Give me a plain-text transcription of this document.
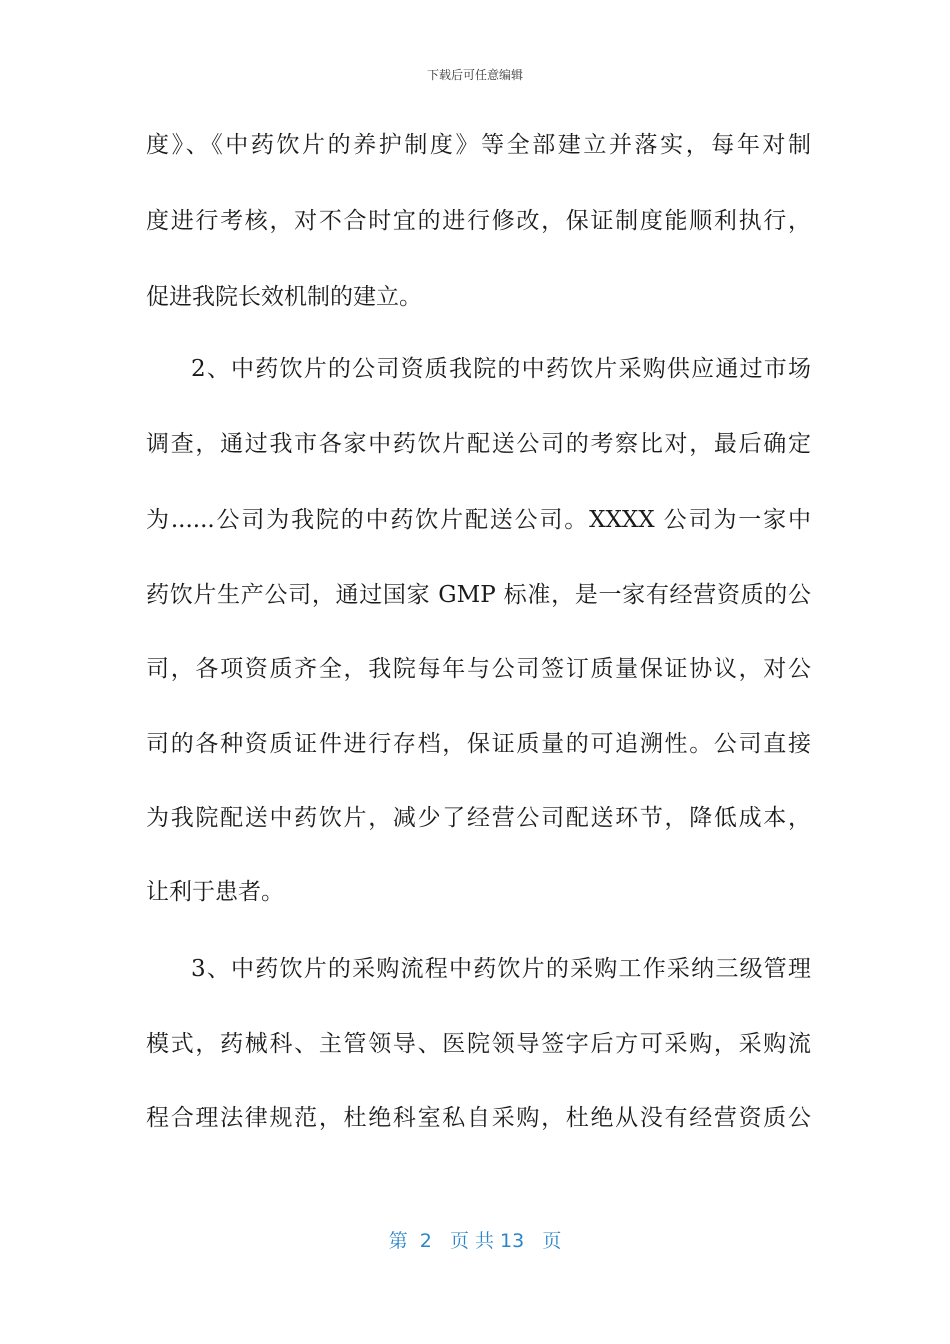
下载后可任意编辑
度》、《中药饮片的养护制度》等全部建立并落实，每年对制
度进行考核，对不合时宜的进行修改，保证制度能顺利执行，
促进我院长效机制的建立。
2、中药饮片的公司资质我院的中药饮片采购供应通过市场
调查，通过我市各家中药饮片配送公司的考察比对，最后确定
为......公司为我院的中药饮片配送公司。XXXX 公司为一家中
药饮片生产公司，通过国家 GMP 标准，是一家有经营资质的公
司，各项资质齐全，我院每年与公司签订质量保证协议，对公
司的各种资质证件进行存档，保证质量的可追溯性。公司直接
为我院配送中药饮片，减少了经营公司配送环节，降低成本，
让利于患者。
3、中药饮片的采购流程中药饮片的采购工作采纳三级管理
模式，药械科、主管领导、医院领导签字后方可采购，采购流
程合理法律规范，杜绝科室私自采购，杜绝从没有经营资质公
第  2   页 共 13   页
